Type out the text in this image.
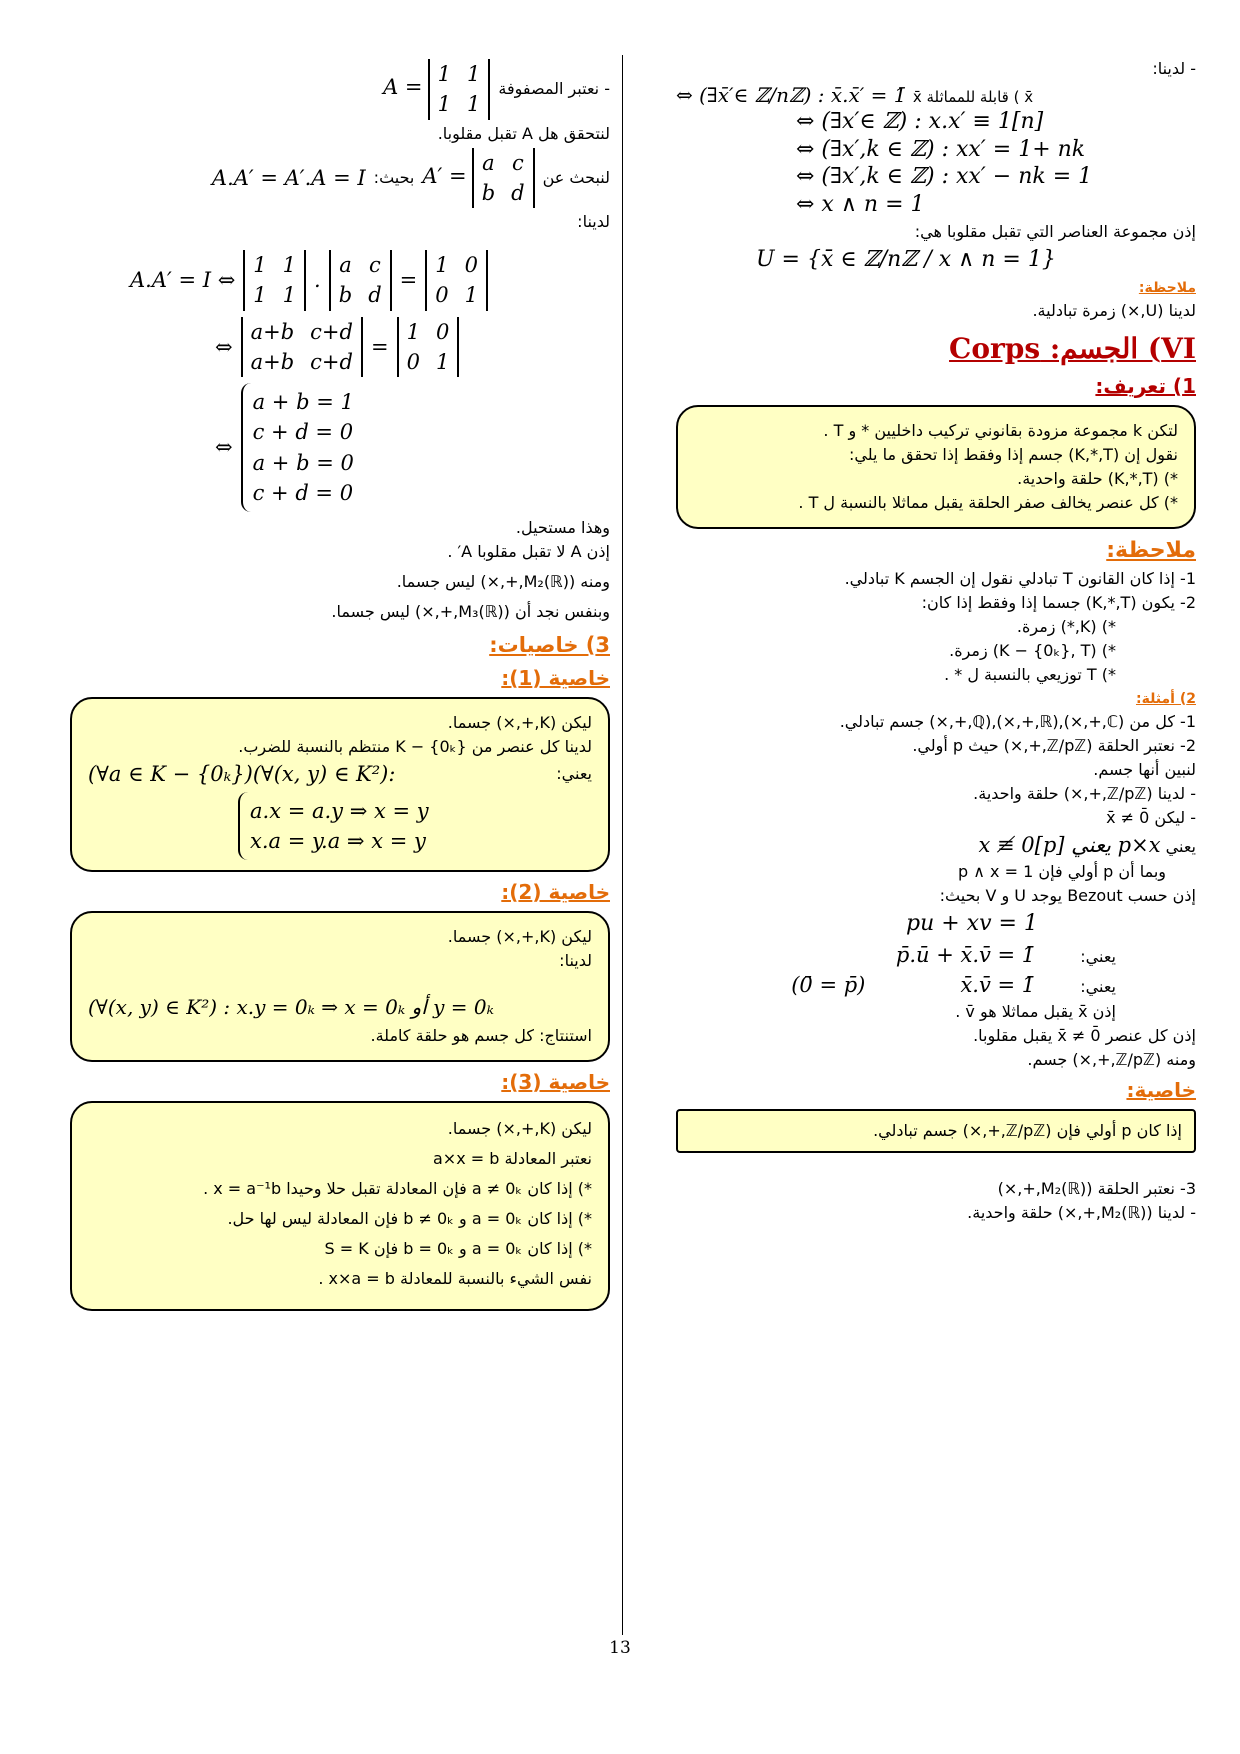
- لدينا:
⇔ (∃x̄′∈ ℤ/nℤ) : x̄.x̄′ = 1̄ x̄ قابلة للمماثلة ( x̄
⇔ (∃x′∈ ℤ) : x.x′ ≡ 1[n]
⇔ (∃x′,k ∈ ℤ) : xx′ = 1+ nk
⇔ (∃x′,k ∈ ℤ) : xx′ − nk = 1
⇔ x ∧ n = 1
إذن مجموعة العناصر التي تقبل مقلوبا هي:
U = {x̄ ∈ ℤ/nℤ / x ∧ n = 1}
ملاحظة:
لدينا (U,×) زمرة تبادلية.
VI) الجسم: Corps
1) تعريف:
لتكن k مجموعة مزودة بقانوني تركيب داخليين * و T .
نقول إن (K,*,T) جسم إذا وفقط إذا تحقق ما يلي:
*) (K,*,T) حلقة واحدية.
*) كل عنصر يخالف صفر الحلقة يقبل مماثلا بالنسبة ل T .
ملاحظة:
1- إذا كان القانون T تبادلي نقول إن الجسم K تبادلي.
2- يكون (K,*,T) جسما إذا وفقط إذا كان:
*) (K,*) زمرة.
*) (K − {0ₖ}, T) زمرة.
*) T توزيعي بالنسبة ل * .
2) أمثلة:
1- كل من (ℂ,+,×),(ℝ,+,×),(ℚ,+,×) جسم تبادلي.
2- نعتبر الحلقة (ℤ/pℤ,+,×) حيث p أولي.
لنبين أنها جسم.
- لدينا (ℤ/pℤ,+,×) حلقة واحدية.
- ليكن x̄ ≠ 0̄
يعني x ≢ 0[p] يعني p×x
وبما أن p أولي فإن p ∧ x = 1
إذن حسب Bezout يوجد U و V بحيث:
pu + xv = 1
يعني: p̄.ū + x̄.v̄ = 1̄
يعني: x̄.v̄ = 1̄ (0̄ = p̄)
إذن x̄ يقبل مماثلا هو v̄ .
إذن كل عنصر x̄ ≠ 0̄ يقبل مقلوبا.
ومنه (ℤ/pℤ,+,×) جسم.
خاصية:
إذا كان p أولي فإن (ℤ/pℤ,+,×) جسم تبادلي.
3- نعتبر الحلقة (M₂(ℝ),+,×)
- لدينا (M₂(ℝ),+,×) حلقة واحدية.
- نعتبر المصفوفة
A = 1	1
1	1
لنتحقق هل A تقبل مقلوبا.
لنبحث عن
A′ = a	c
b	d
بحيث:
A.A′ = A′.A = I
لدينا:
A.A′ = I ⇔
1	1
1	1
.
a	c
b	d
=
1	0
0	1
⇔
a+b	c+d
a+b	c+d
=
1	0
0	1
⇔
a + b = 1
c + d = 0
a + b = 0
c + d = 0
وهذا مستحيل.
إذن A لا تقبل مقلوبا A′ .
ومنه (M₂(ℝ),+,×) ليس جسما.
وبنفس نجد أن (M₃(ℝ),+,×) ليس جسما.
3) خاصيات:
خاصية (1):
ليكن (K,+,×) جسما.
لدينا كل عنصر من K − {0ₖ} منتظم بالنسبة للضرب.
يعني:
(∀a ∈ K − {0ₖ})(∀(x, y) ∈ K²):
a.x = a.y ⇒ x = y
x.a = y.a ⇒ x = y
خاصية (2):
ليكن (K,+,×) جسما.
لدينا:
(∀(x, y) ∈ K²) : x.y = 0ₖ ⇒ x = 0ₖ أو y = 0ₖ
استنتاج: كل جسم هو حلقة كاملة.
خاصية (3):
ليكن (K,+,×) جسما.
نعتبر المعادلة a×x = b
*) إذا كان a ≠ 0ₖ فإن المعادلة تقبل حلا وحيدا x = a⁻¹b .
*) إذا كان a = 0ₖ و b ≠ 0ₖ فإن المعادلة ليس لها حل.
*) إذا كان a = 0ₖ و b = 0ₖ فإن S = K
نفس الشيء بالنسبة للمعادلة x×a = b .
13
